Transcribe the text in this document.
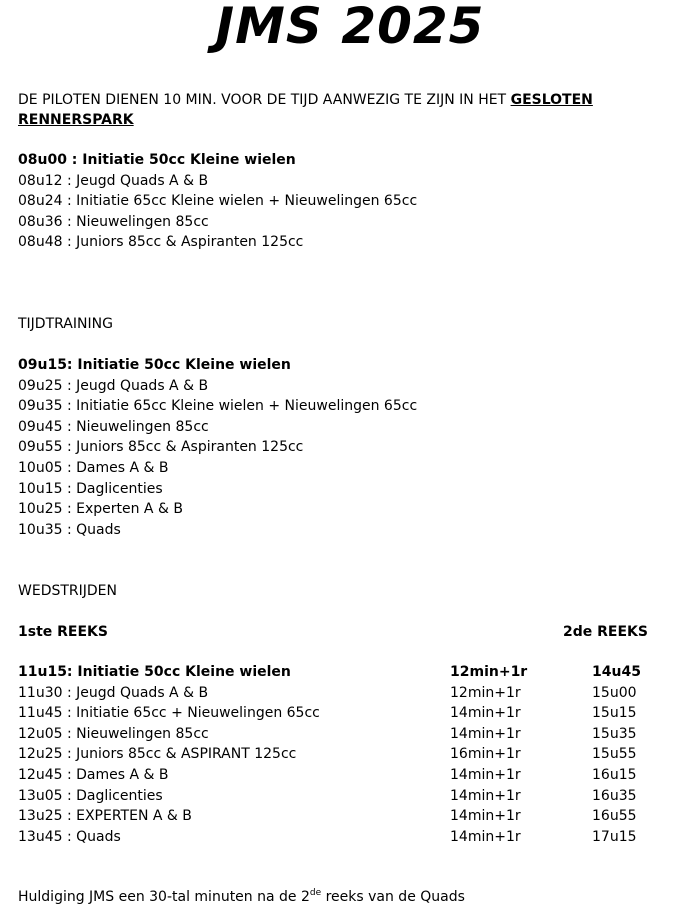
JMS 2025
DE PILOTEN DIENEN 10 MIN. VOOR DE TIJD AANWEZIG TE ZIJN IN HET GESLOTEN
RENNERSPARK
08u00 : Initiatie 50cc Kleine wielen
08u12 : Jeugd Quads A & B
08u24 : Initiatie 65cc Kleine wielen + Nieuwelingen 65cc
08u36 : Nieuwelingen 85cc
08u48 : Juniors 85cc & Aspiranten 125cc
TIJDTRAINING
09u15: Initiatie 50cc Kleine wielen
09u25 : Jeugd Quads A & B
09u35 : Initiatie 65cc Kleine wielen + Nieuwelingen 65cc
09u45 : Nieuwelingen 85cc
09u55 : Juniors 85cc & Aspiranten 125cc
10u05 : Dames A & B
10u15 : Daglicenties
10u25 : Experten A & B
10u35 : Quads
WEDSTRIJDEN
1ste REEKS	2de REEKS
11u15: Initiatie 50cc Kleine wielen	12min+1r	14u45
11u30 : Jeugd Quads A & B	12min+1r	15u00
11u45 : Initiatie 65cc + Nieuwelingen 65cc	14min+1r	15u15
12u05 : Nieuwelingen 85cc	14min+1r	15u35
12u25 : Juniors 85cc & ASPIRANT 125cc	16min+1r	15u55
12u45 : Dames A & B	14min+1r	16u15
13u05 : Daglicenties	14min+1r	16u35
13u25 : EXPERTEN A & B	14min+1r	16u55
13u45 : Quads	14min+1r	17u15
Huldiging JMS een 30-tal minuten na de 2de reeks van de Quads
